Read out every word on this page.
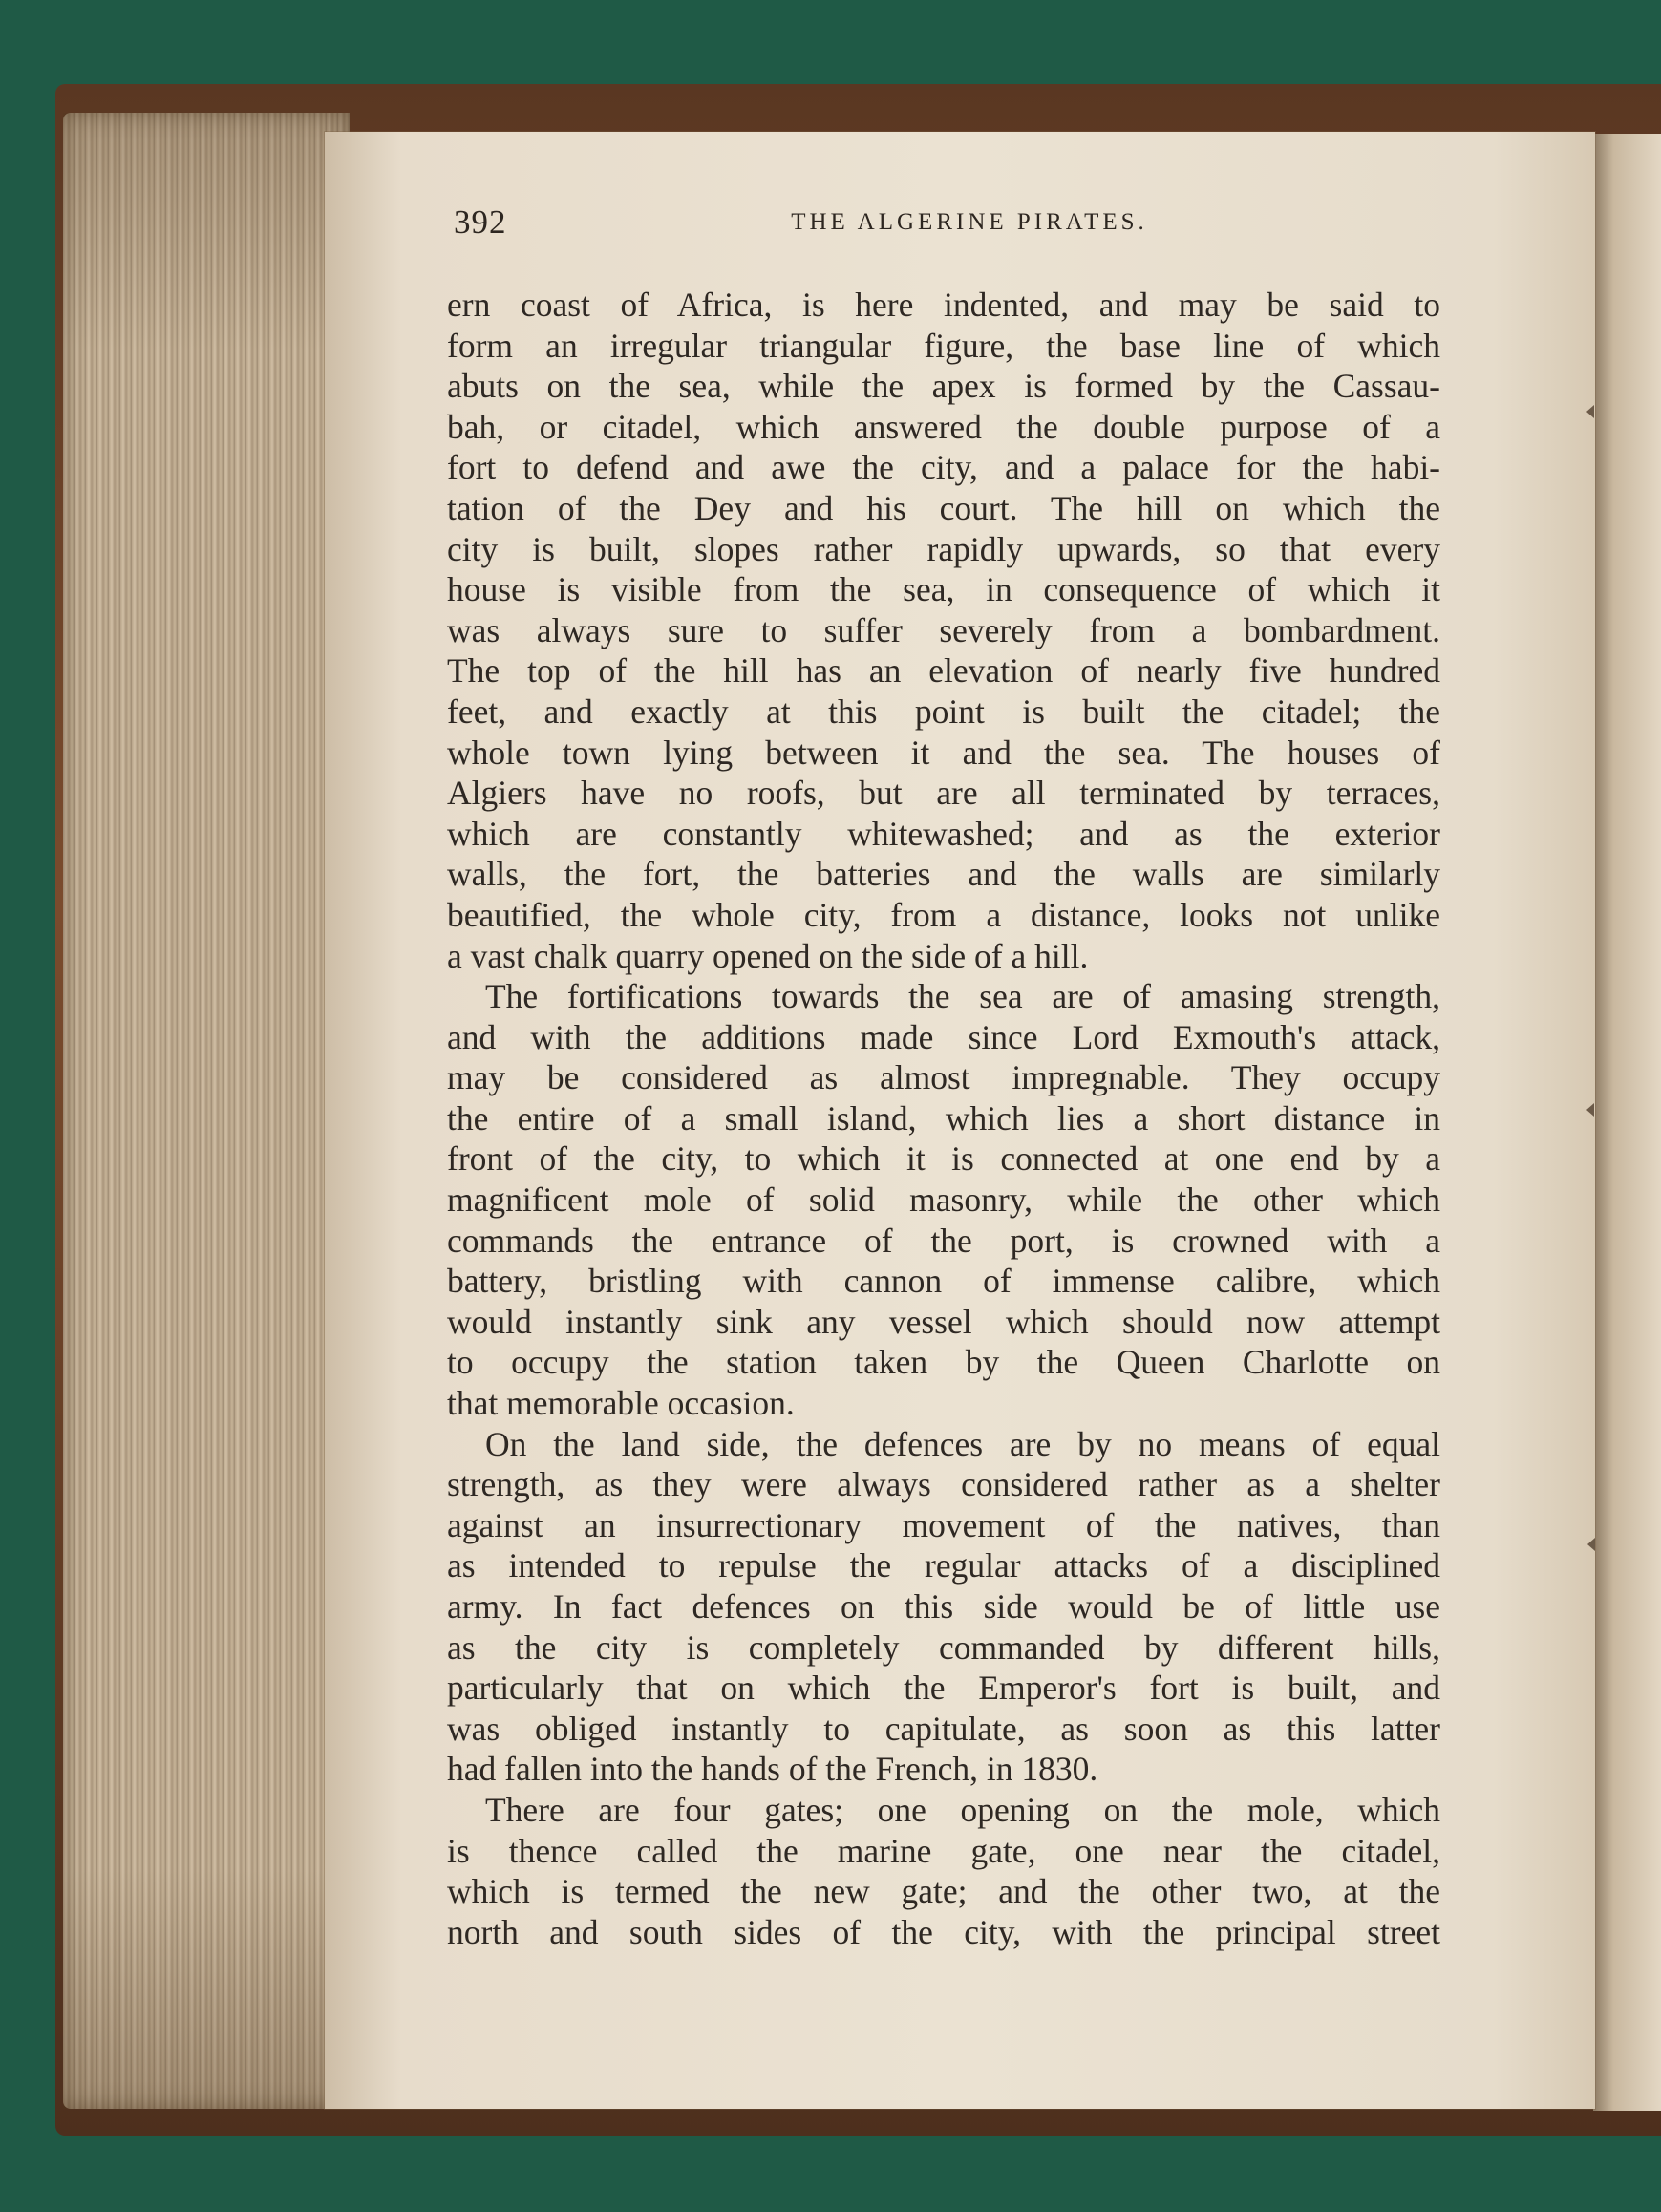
392	THE ALGERINE PIRATES.
ern coast of Africa, is here indented, and may be said to
form an irregular triangular figure, the base line of which
abuts on the sea, while the apex is formed by the Cassau-
bah, or citadel, which answered the double purpose of a
fort to defend and awe the city, and a palace for the habi-
tation of the Dey and his court. The hill on which the
city is built, slopes rather rapidly upwards, so that every
house is visible from the sea, in consequence of which it
was always sure to suffer severely from a bombardment.
The top of the hill has an elevation of nearly five hundred
feet, and exactly at this point is built the citadel; the
whole town lying between it and the sea. The houses of
Algiers have no roofs, but are all terminated by terraces,
which are constantly whitewashed; and as the exterior
walls, the fort, the batteries and the walls are similarly
beautified, the whole city, from a distance, looks not unlike
a vast chalk quarry opened on the side of a hill.
The fortifications towards the sea are of amasing strength,
and with the additions made since Lord Exmouth's attack,
may be considered as almost impregnable. They occupy
the entire of a small island, which lies a short distance in
front of the city, to which it is connected at one end by a
magnificent mole of solid masonry, while the other which
commands the entrance of the port, is crowned with a
battery, bristling with cannon of immense calibre, which
would instantly sink any vessel which should now attempt
to occupy the station taken by the Queen Charlotte on
that memorable occasion.
On the land side, the defences are by no means of equal
strength, as they were always considered rather as a shelter
against an insurrectionary movement of the natives, than
as intended to repulse the regular attacks of a disciplined
army. In fact defences on this side would be of little use
as the city is completely commanded by different hills,
particularly that on which the Emperor's fort is built, and
was obliged instantly to capitulate, as soon as this latter
had fallen into the hands of the French, in 1830.
There are four gates; one opening on the mole, which
is thence called the marine gate, one near the citadel,
which is termed the new gate; and the other two, at the
north and south sides of the city, with the principal street
